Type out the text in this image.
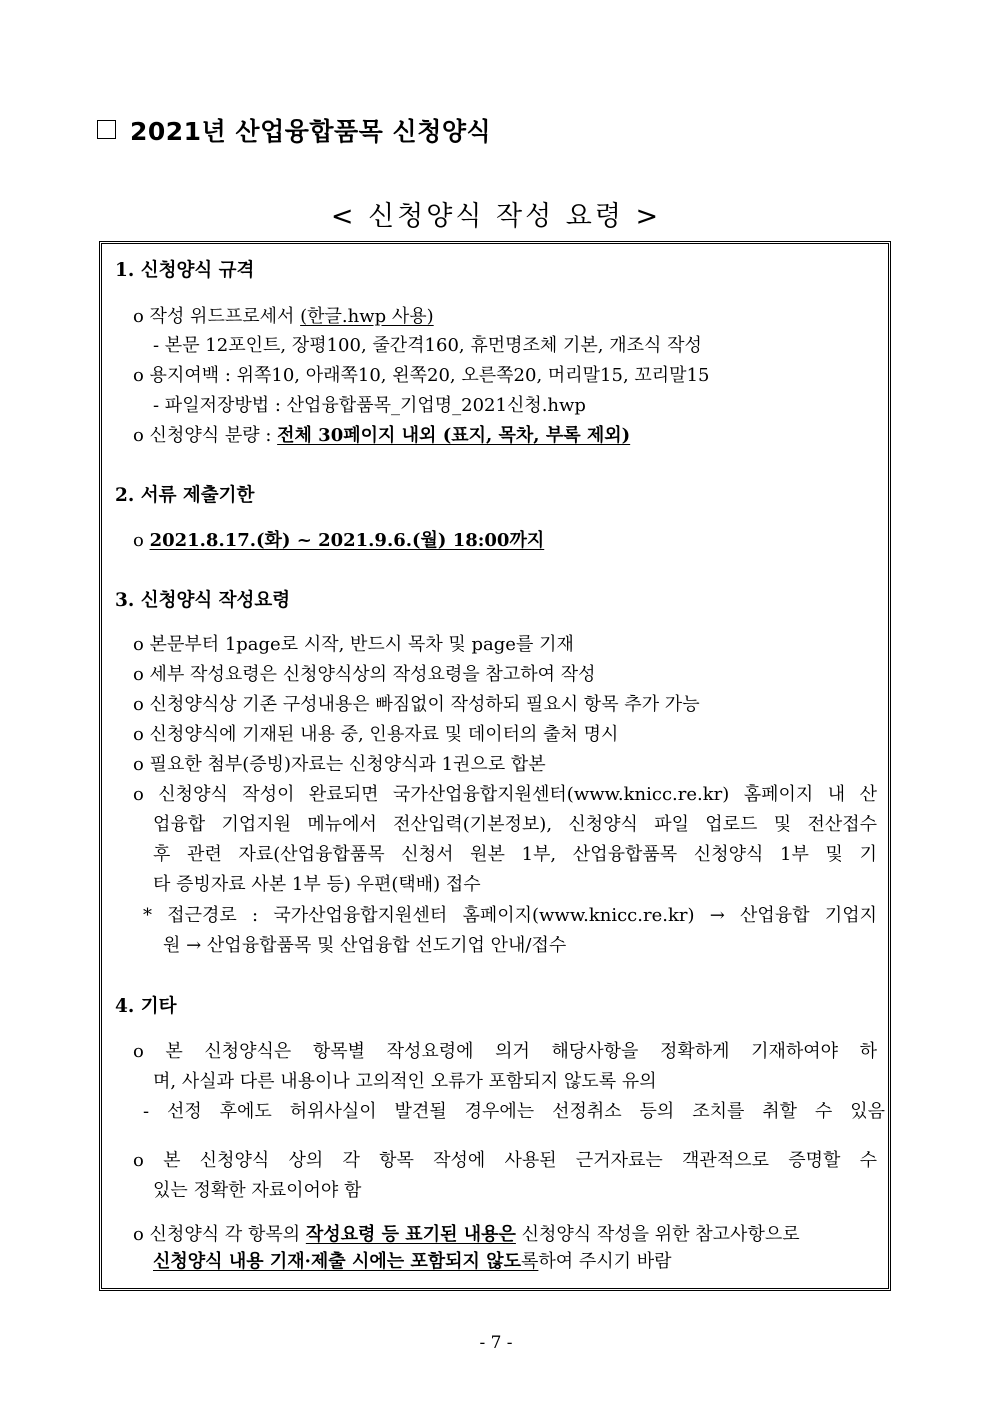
2021년 산업융합품목 신청양식
< 신청양식 작성 요령 >
1. 신청양식 규격
o 작성 위드프로세서 (한글.hwp 사용)
- 본문 12포인트, 장평100, 줄간격160, 휴먼명조체 기본, 개조식 작성
o 용지여백 : 위쪽10, 아래쪽10, 왼쪽20, 오른쪽20, 머리말15, 꼬리말15
- 파일저장방법 : 산업융합품목_기업명_2021신청.hwp
o 신청양식 분량 : 전체 30페이지 내외 (표지, 목차, 부록 제외)
2. 서류 제출기한
o 2021.8.17.(화) ~ 2021.9.6.(월) 18:00까지
3. 신청양식 작성요령
o 본문부터 1page로 시작, 반드시 목차 및 page를 기재
o 세부 작성요령은 신청양식상의 작성요령을 참고하여 작성
o 신청양식상 기존 구성내용은 빠짐없이 작성하되 필요시 항목 추가 가능
o 신청양식에 기재된 내용 중, 인용자료 및 데이터의 출처 명시
o 필요한 첨부(증빙)자료는 신청양식과 1권으로 합본
o 신청양식 작성이 완료되면 국가산업융합지원센터(www.knicc.re.kr) 홈페이지 내 산
업융합 기업지원 메뉴에서 전산입력(기본정보), 신청양식 파일 업로드 및 전산접수
후 관련 자료(산업융합품목 신청서 원본 1부, 산업융합품목 신청양식 1부 및 기
타 증빙자료 사본 1부 등) 우편(택배) 접수
* 접근경로 : 국가산업융합지원센터 홈페이지(www.knicc.re.kr) → 산업융합 기업지
원 → 산업융합품목 및 산업융합 선도기업 안내/접수
4. 기타
o 본 신청양식은 항목별 작성요령에 의거 해당사항을 정확하게 기재하여야 하
며, 사실과 다른 내용이나 고의적인 오류가 포함되지 않도록 유의
- 선정 후에도 허위사실이 발견될 경우에는 선정취소 등의 조치를 취할 수 있음
o 본 신청양식 상의 각 항목 작성에 사용된 근거자료는 객관적으로 증명할 수
있는 정확한 자료이어야 함
o 신청양식 각 항목의 작성요령 등 표기된 내용은 신청양식 작성을 위한 참고사항으로
신청양식 내용 기재·제출 시에는 포함되지 않도록하여 주시기 바람
- 7 -
